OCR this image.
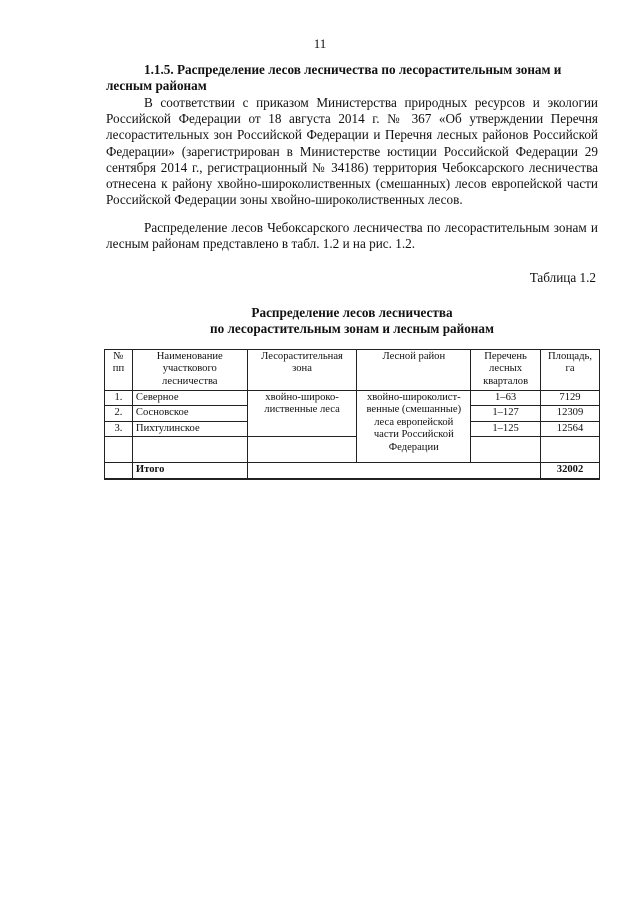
11
1.1.5. Распределение лесов лесничества по лесорастительным зонам и лесным районам
В соответствии с приказом Министерства природных ресурсов и экологии Российской Федерации от 18 августа 2014 г. № 367 «Об утверждении Перечня лесорастительных зон Российской Федерации и Перечня лесных районов Российской Федерации» (зарегистрирован в Министерстве юстиции Российской Федерации 29 сентября 2014 г., регистрационный № 34186) территория Чебоксарского лесничества отнесена к району хвойно-широколиственных (смешанных) лесов европейской части Российской Федерации зоны хвойно-широколиственных лесов.
Распределение лесов Чебоксарского лесничества по лесорастительным зонам и лесным районам представлено в табл. 1.2 и на рис. 1.2.
Таблица 1.2
Распределение лесов лесничества
по лесорастительным зонам и лесным районам
№ пп	Наименование участкового лесничества	Лесорастительная зона	Лесной район	Перечень лесных кварталов	Площадь, га
1.	Северное	хвойно-широко-лиственные леса	хвойно-широколист-венные (смешанные) леса европейской части Российской Федерации	1–63	7129
2.	Сосновское			1–127	12309
3.	Пихтулинское			1–125	12564

	Итого				32002
